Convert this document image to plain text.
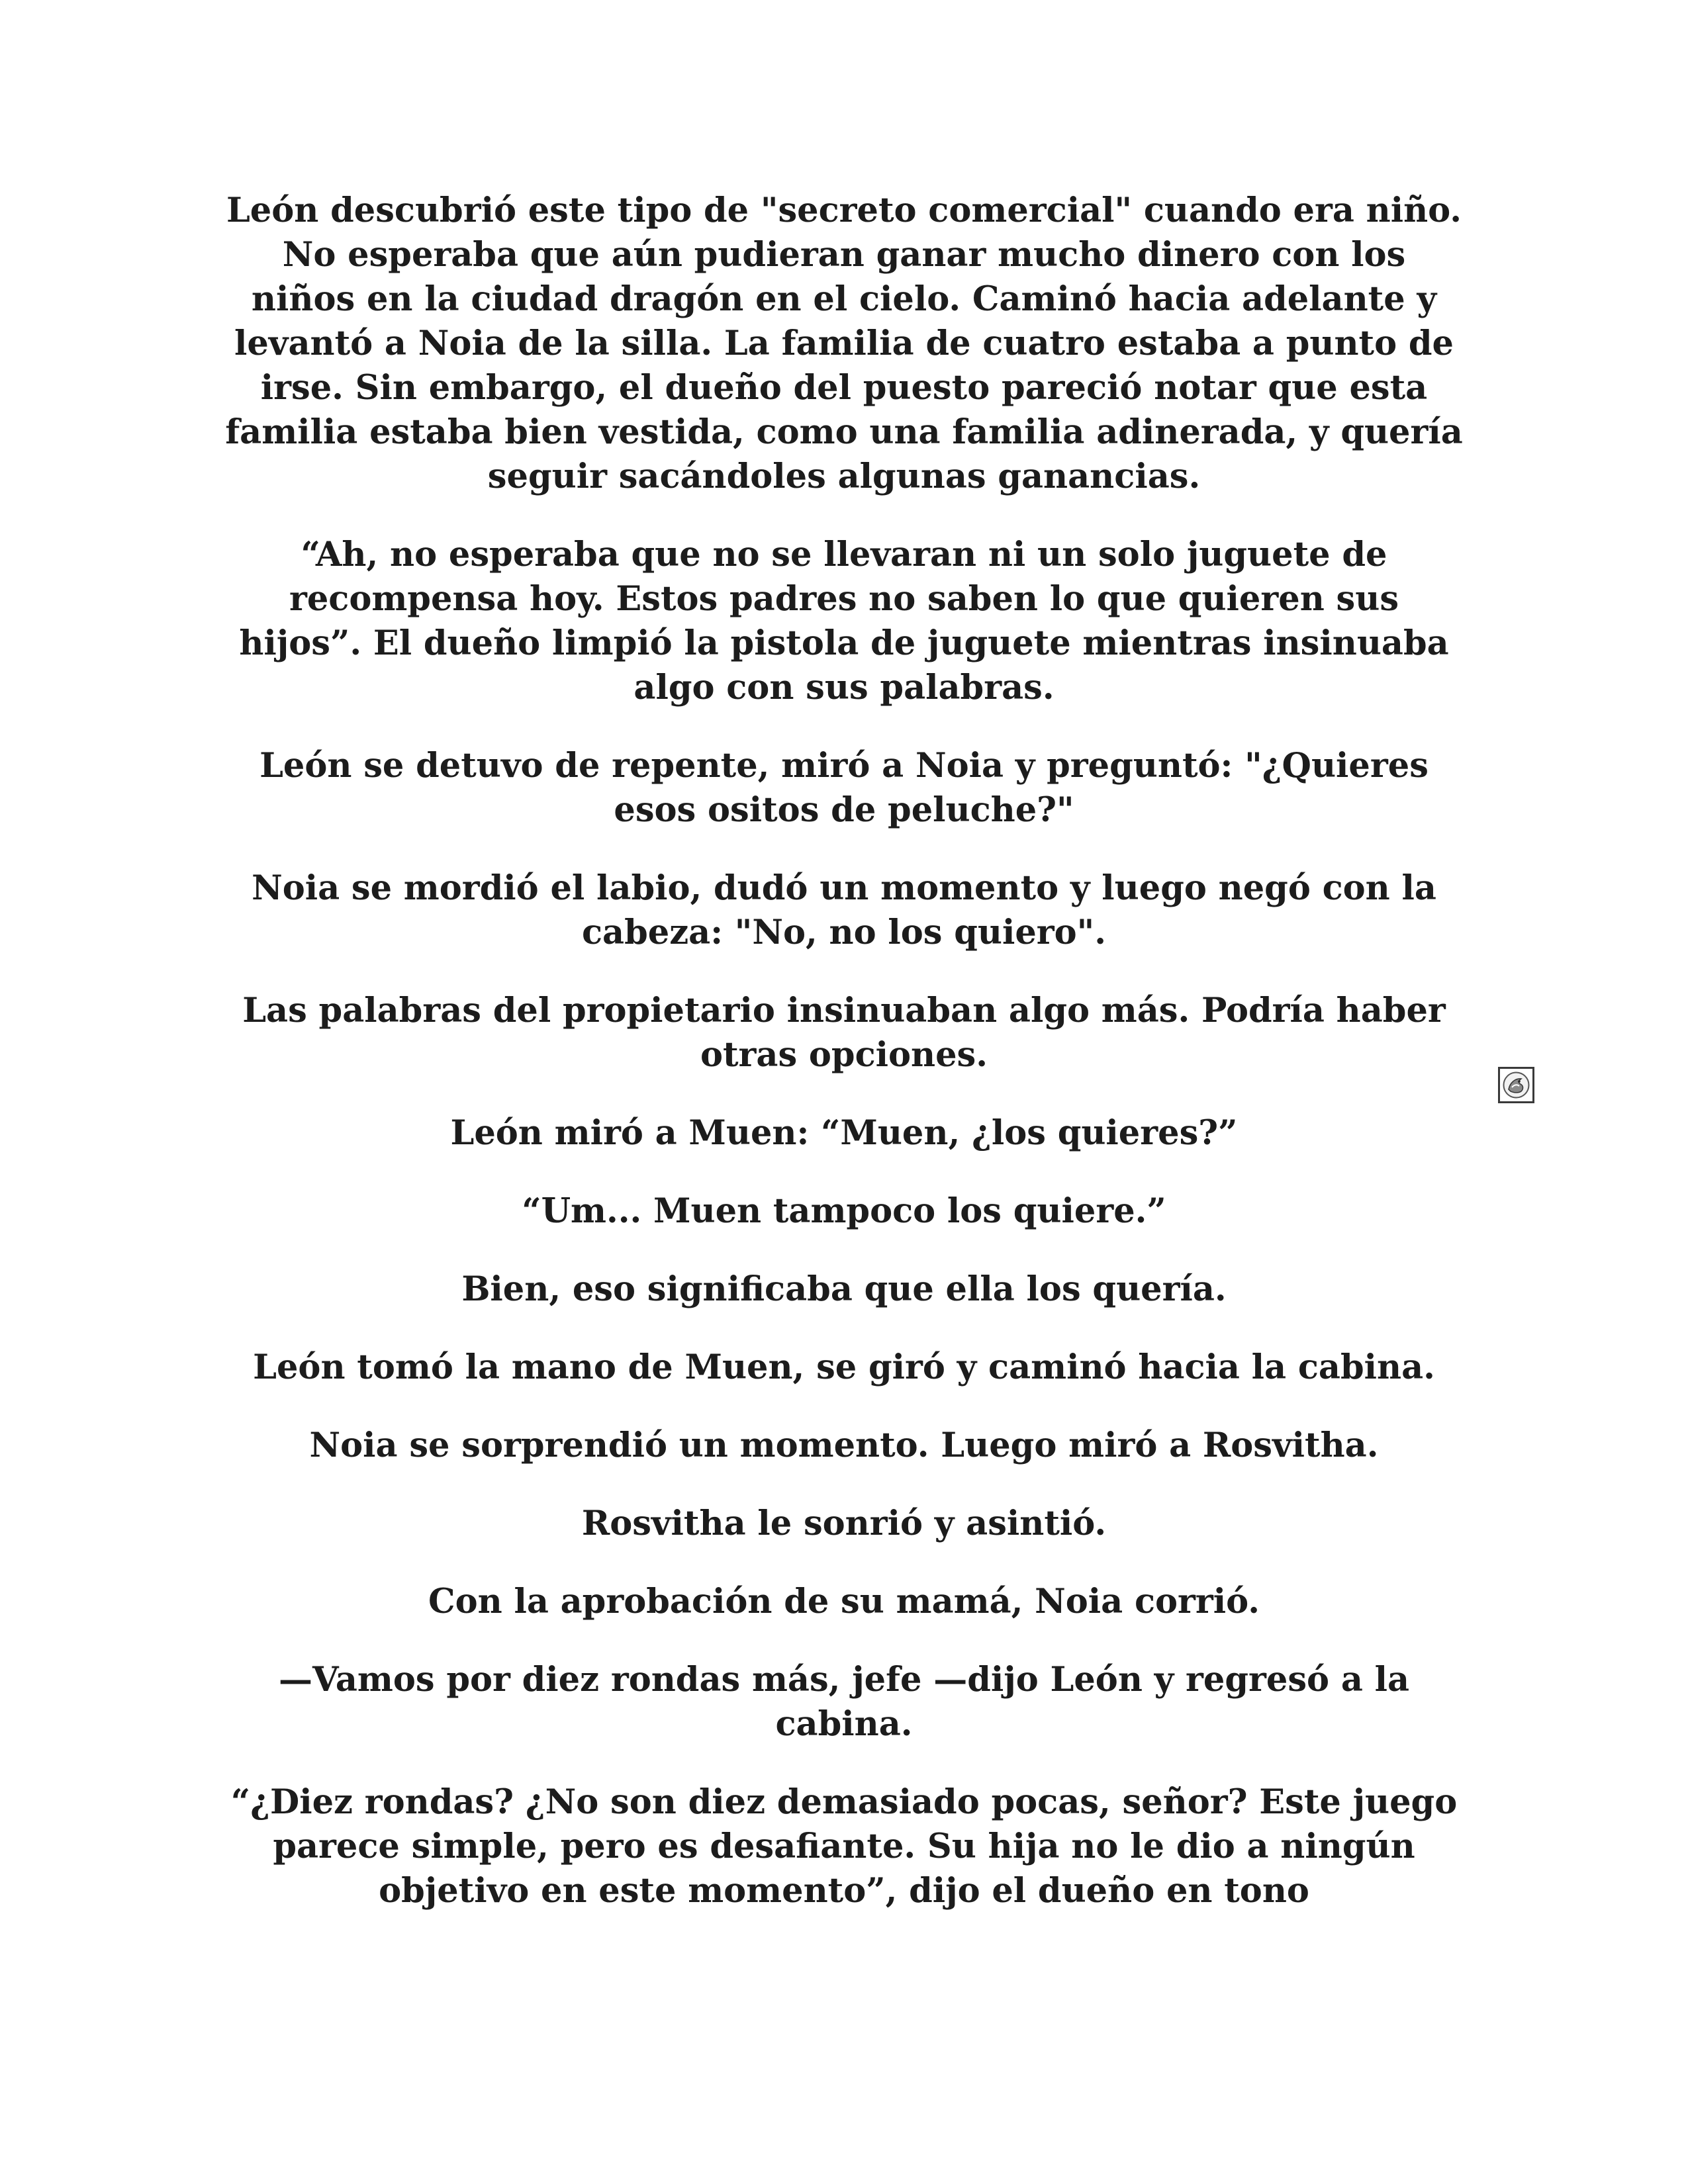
León descubrió este tipo de "secreto comercial" cuando era niño. No esperaba que aún pudieran ganar mucho dinero con los niños en la ciudad dragón en el cielo. Caminó hacia adelante y levantó a Noia de la silla. La familia de cuatro estaba a punto de irse. Sin embargo, el dueño del puesto pareció notar que esta familia estaba bien vestida, como una familia adinerada, y quería seguir sacándoles algunas ganancias.

“Ah, no esperaba que no se llevaran ni un solo juguete de recompensa hoy. Estos padres no saben lo que quieren sus hijos”. El dueño limpió la pistola de juguete mientras insinuaba algo con sus palabras.

León se detuvo de repente, miró a Noia y preguntó: "¿Quieres esos ositos de peluche?"

Noia se mordió el labio, dudó un momento y luego negó con la cabeza: "No, no los quiero".

Las palabras del propietario insinuaban algo más. Podría haber otras opciones.

León miró a Muen: “Muen, ¿los quieres?”

“Um... Muen tampoco los quiere.”

Bien, eso significaba que ella los quería.

León tomó la mano de Muen, se giró y caminó hacia la cabina.

Noia se sorprendió un momento. Luego miró a Rosvitha.

Rosvitha le sonrió y asintió.

Con la aprobación de su mamá, Noia corrió.

—Vamos por diez rondas más, jefe —dijo León y regresó a la cabina.

“¿Diez rondas? ¿No son diez demasiado pocas, señor? Este juego parece simple, pero es desafiante. Su hija no le dio a ningún objetivo en este momento”, dijo el dueño en tono
